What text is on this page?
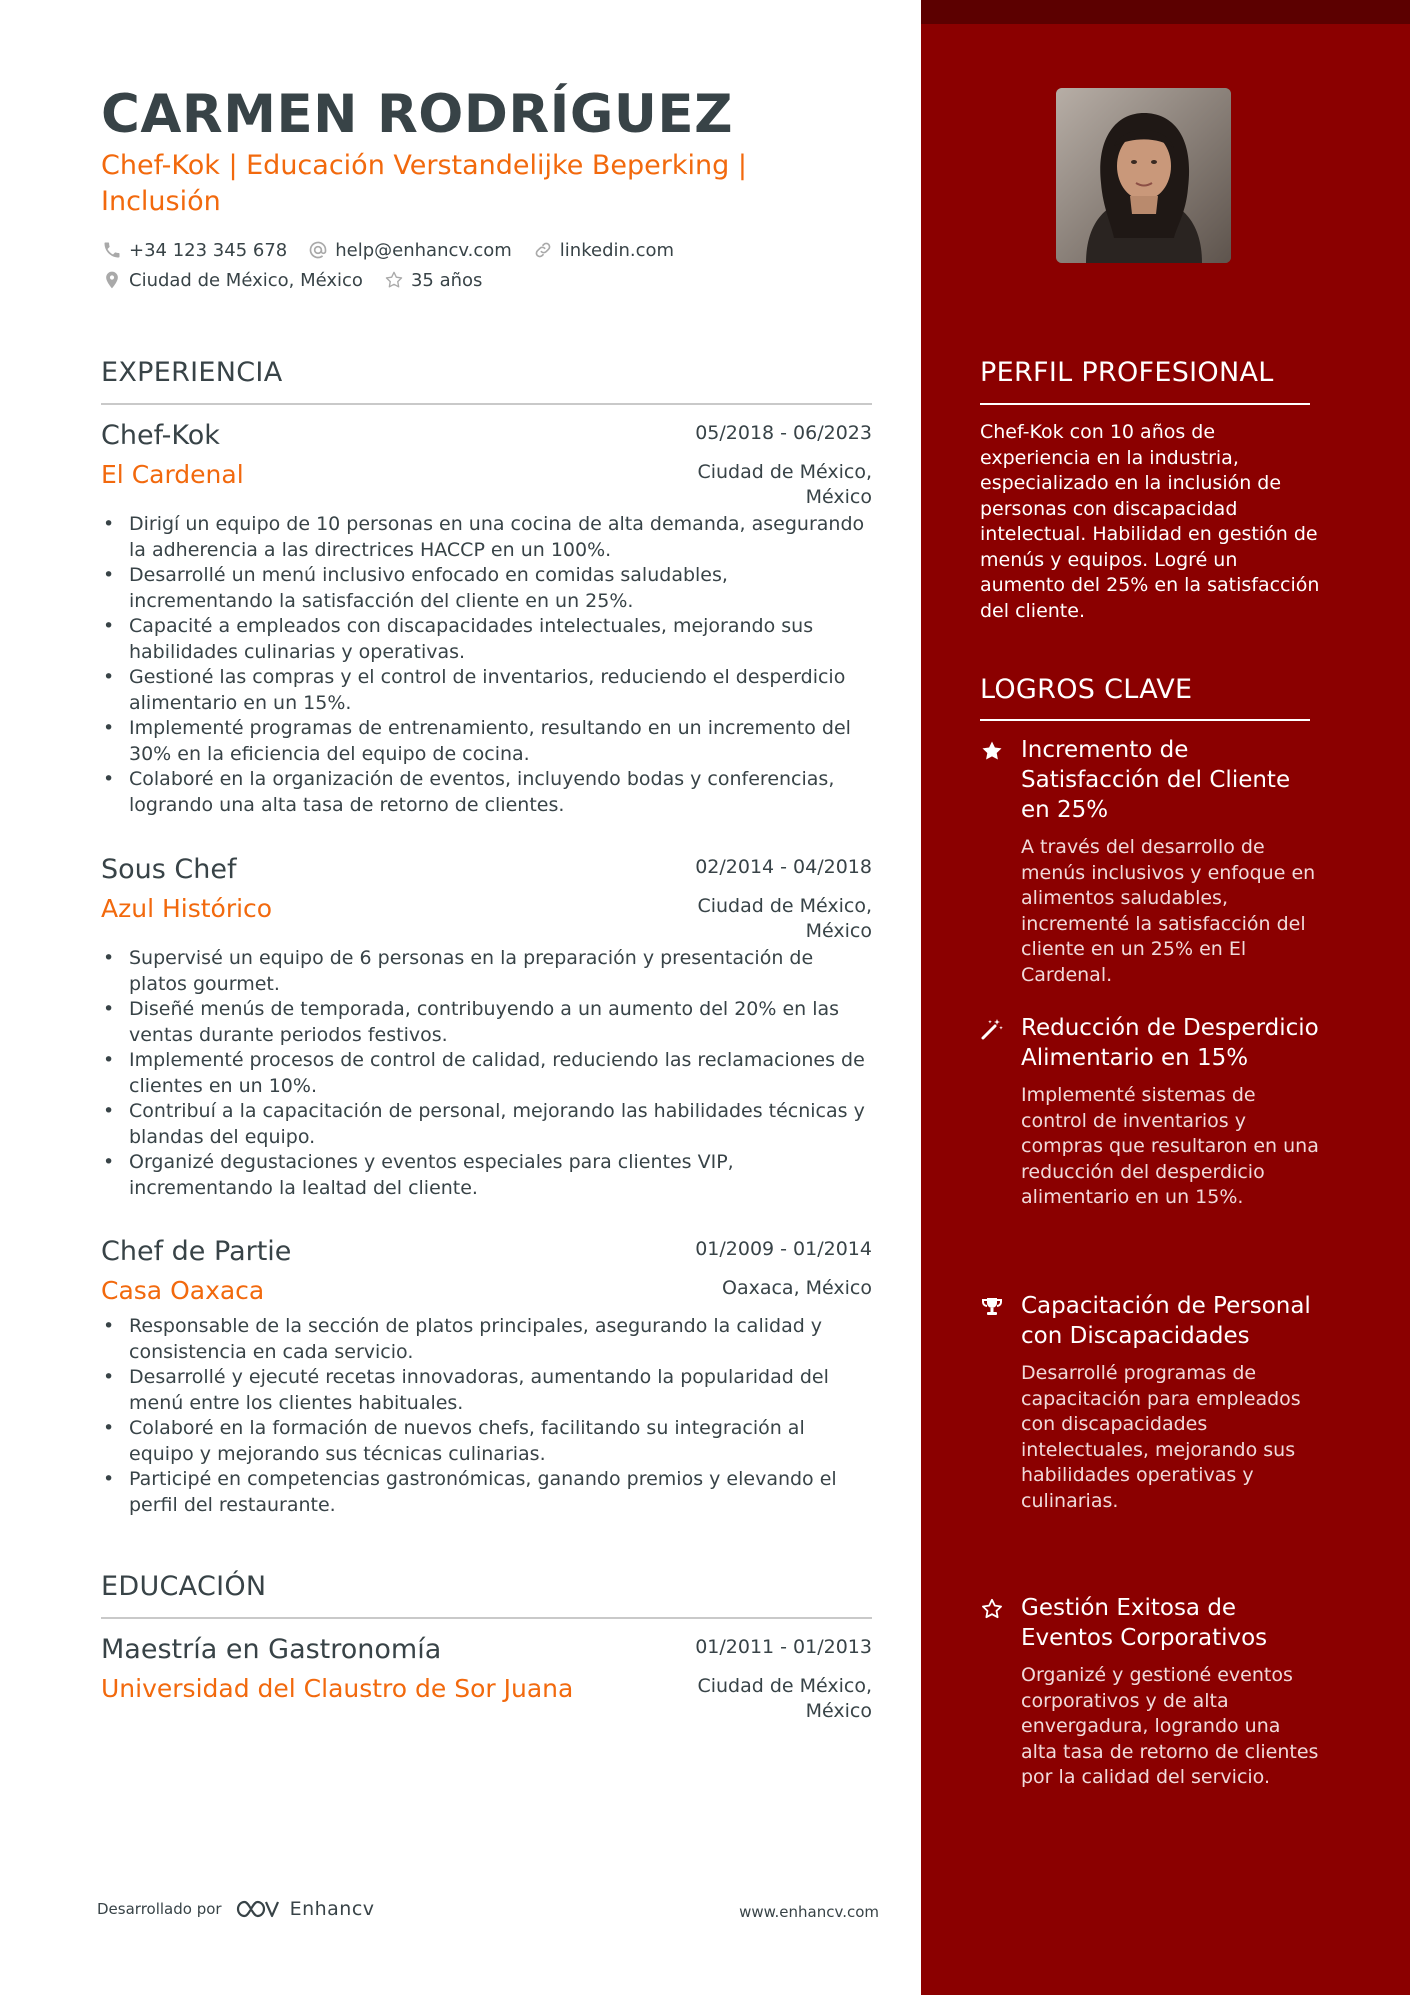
CARMEN RODRÍGUEZ
Chef-Kok | Educación Verstandelijke Beperking | Inclusión
+34 123 345 678	help@enhancv.com	linkedin.com
Ciudad de México, México	35 años
EXPERIENCIA
Chef-Kok	05/2018 - 06/2023
El Cardenal	Ciudad de México, México
• Dirigí un equipo de 10 personas en una cocina de alta demanda, asegurando la adherencia a las directrices HACCP en un 100%.
• Desarrollé un menú inclusivo enfocado en comidas saludables, incrementando la satisfacción del cliente en un 25%.
• Capacité a empleados con discapacidades intelectuales, mejorando sus habilidades culinarias y operativas.
• Gestioné las compras y el control de inventarios, reduciendo el desperdicio alimentario en un 15%.
• Implementé programas de entrenamiento, resultando en un incremento del 30% en la eficiencia del equipo de cocina.
• Colaboré en la organización de eventos, incluyendo bodas y conferencias, logrando una alta tasa de retorno de clientes.
Sous Chef	02/2014 - 04/2018
Azul Histórico	Ciudad de México, México
• Supervisé un equipo de 6 personas en la preparación y presentación de platos gourmet.
• Diseñé menús de temporada, contribuyendo a un aumento del 20% en las ventas durante periodos festivos.
• Implementé procesos de control de calidad, reduciendo las reclamaciones de clientes en un 10%.
• Contribuí a la capacitación de personal, mejorando las habilidades técnicas y blandas del equipo.
• Organizé degustaciones y eventos especiales para clientes VIP, incrementando la lealtad del cliente.
Chef de Partie	01/2009 - 01/2014
Casa Oaxaca	Oaxaca, México
• Responsable de la sección de platos principales, asegurando la calidad y consistencia en cada servicio.
• Desarrollé y ejecuté recetas innovadoras, aumentando la popularidad del menú entre los clientes habituales.
• Colaboré en la formación de nuevos chefs, facilitando su integración al equipo y mejorando sus técnicas culinarias.
• Participé en competencias gastronómicas, ganando premios y elevando el perfil del restaurante.
EDUCACIÓN
Maestría en Gastronomía	01/2011 - 01/2013
Universidad del Claustro de Sor Juana	Ciudad de México, México
Desarrollado por	Enhancv	www.enhancv.com
PERFIL PROFESIONAL
Chef-Kok con 10 años de experiencia en la industria, especializado en la inclusión de personas con discapacidad intelectual. Habilidad en gestión de menús y equipos. Logré un aumento del 25% en la satisfacción del cliente.
LOGROS CLAVE
Incremento de Satisfacción del Cliente en 25%
A través del desarrollo de menús inclusivos y enfoque en alimentos saludables, incrementé la satisfacción del cliente en un 25% en El Cardenal.
Reducción de Desperdicio Alimentario en 15%
Implementé sistemas de control de inventarios y compras que resultaron en una reducción del desperdicio alimentario en un 15%.
Capacitación de Personal con Discapacidades
Desarrollé programas de capacitación para empleados con discapacidades intelectuales, mejorando sus habilidades operativas y culinarias.
Gestión Exitosa de Eventos Corporativos
Organizé y gestioné eventos corporativos y de alta envergadura, logrando una alta tasa de retorno de clientes por la calidad del servicio.
